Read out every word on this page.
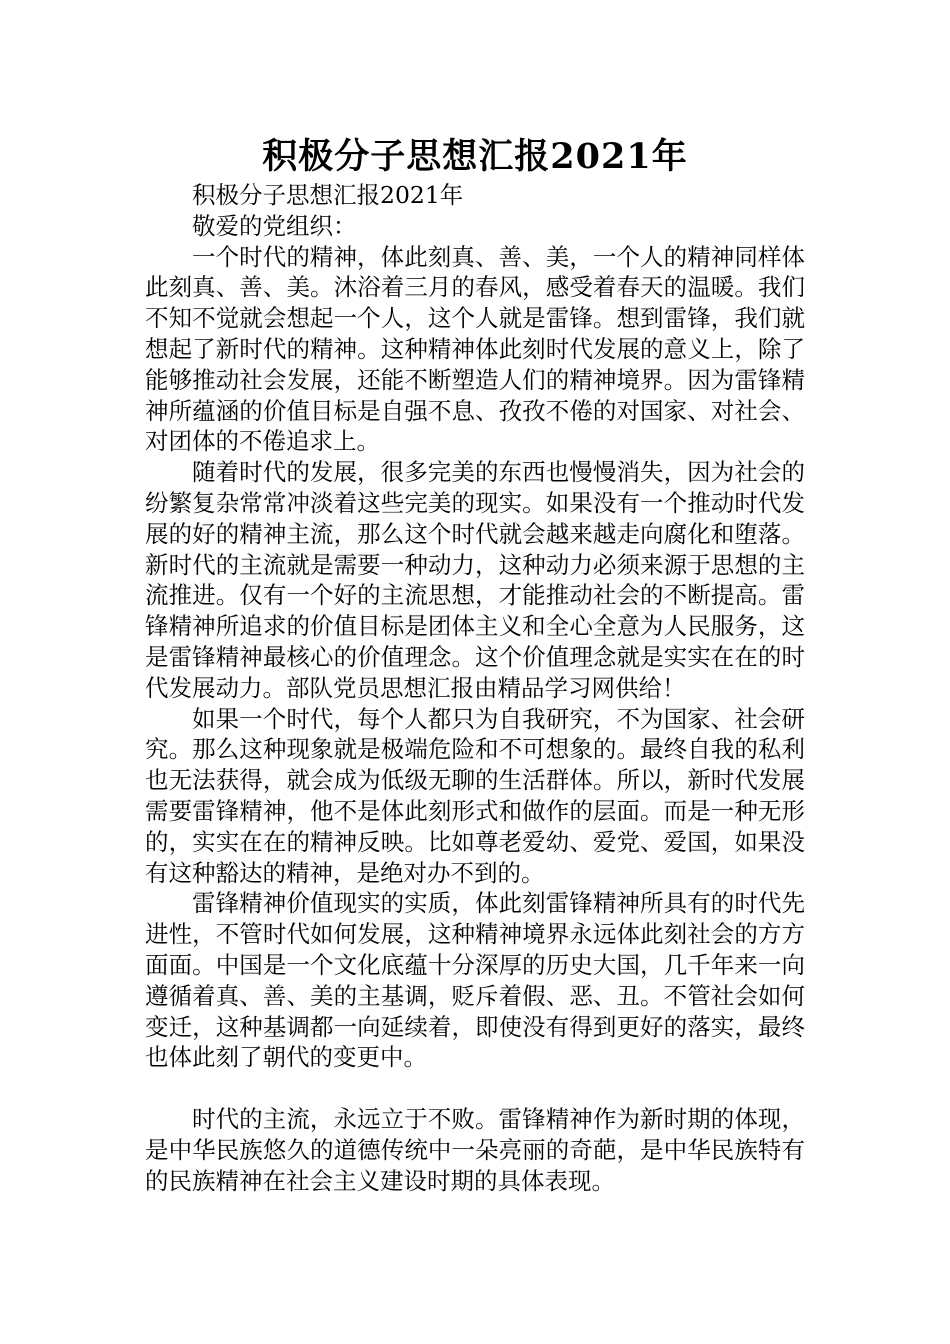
积极分子思想汇报2021年

积极分子思想汇报2021年

敬爱的党组织：

一个时代的精神，体此刻真、善、美，一个人的精神同样体此刻真、善、美。沐浴着三月的春风，感受着春天的温暖。我们不知不觉就会想起一个人，这个人就是雷锋。想到雷锋，我们就想起了新时代的精神。这种精神体此刻时代发展的意义上，除了能够推动社会发展，还能不断塑造人们的精神境界。因为雷锋精神所蕴涵的价值目标是自强不息、孜孜不倦的对国家、对社会、对团体的不倦追求上。

随着时代的发展，很多完美的东西也慢慢消失，因为社会的纷繁复杂常常冲淡着这些完美的现实。如果没有一个推动时代发展的好的精神主流，那么这个时代就会越来越走向腐化和堕落。新时代的主流就是需要一种动力，这种动力必须来源于思想的主流推进。仅有一个好的主流思想，才能推动社会的不断提高。雷锋精神所追求的价值目标是团体主义和全心全意为人民服务，这是雷锋精神最核心的价值理念。这个价值理念就是实实在在的时代发展动力。部队党员思想汇报由精品学习网供给！

如果一个时代，每个人都只为自我研究，不为国家、社会研究。那么这种现象就是极端危险和不可想象的。最终自我的私利也无法获得，就会成为低级无聊的生活群体。所以，新时代发展需要雷锋精神，他不是体此刻形式和做作的层面。而是一种无形的，实实在在的精神反映。比如尊老爱幼、爱党、爱国，如果没有这种豁达的精神，是绝对办不到的。

雷锋精神价值现实的实质，体此刻雷锋精神所具有的时代先进性，不管时代如何发展，这种精神境界永远体此刻社会的方方面面。中国是一个文化底蕴十分深厚的历史大国，几千年来一向遵循着真、善、美的主基调，贬斥着假、恶、丑。不管社会如何变迁，这种基调都一向延续着，即使没有得到更好的落实，最终也体此刻了朝代的变更中。

时代的主流，永远立于不败。雷锋精神作为新时期的体现，是中华民族悠久的道德传统中一朵亮丽的奇葩，是中华民族特有的民族精神在社会主义建设时期的具体表现。
